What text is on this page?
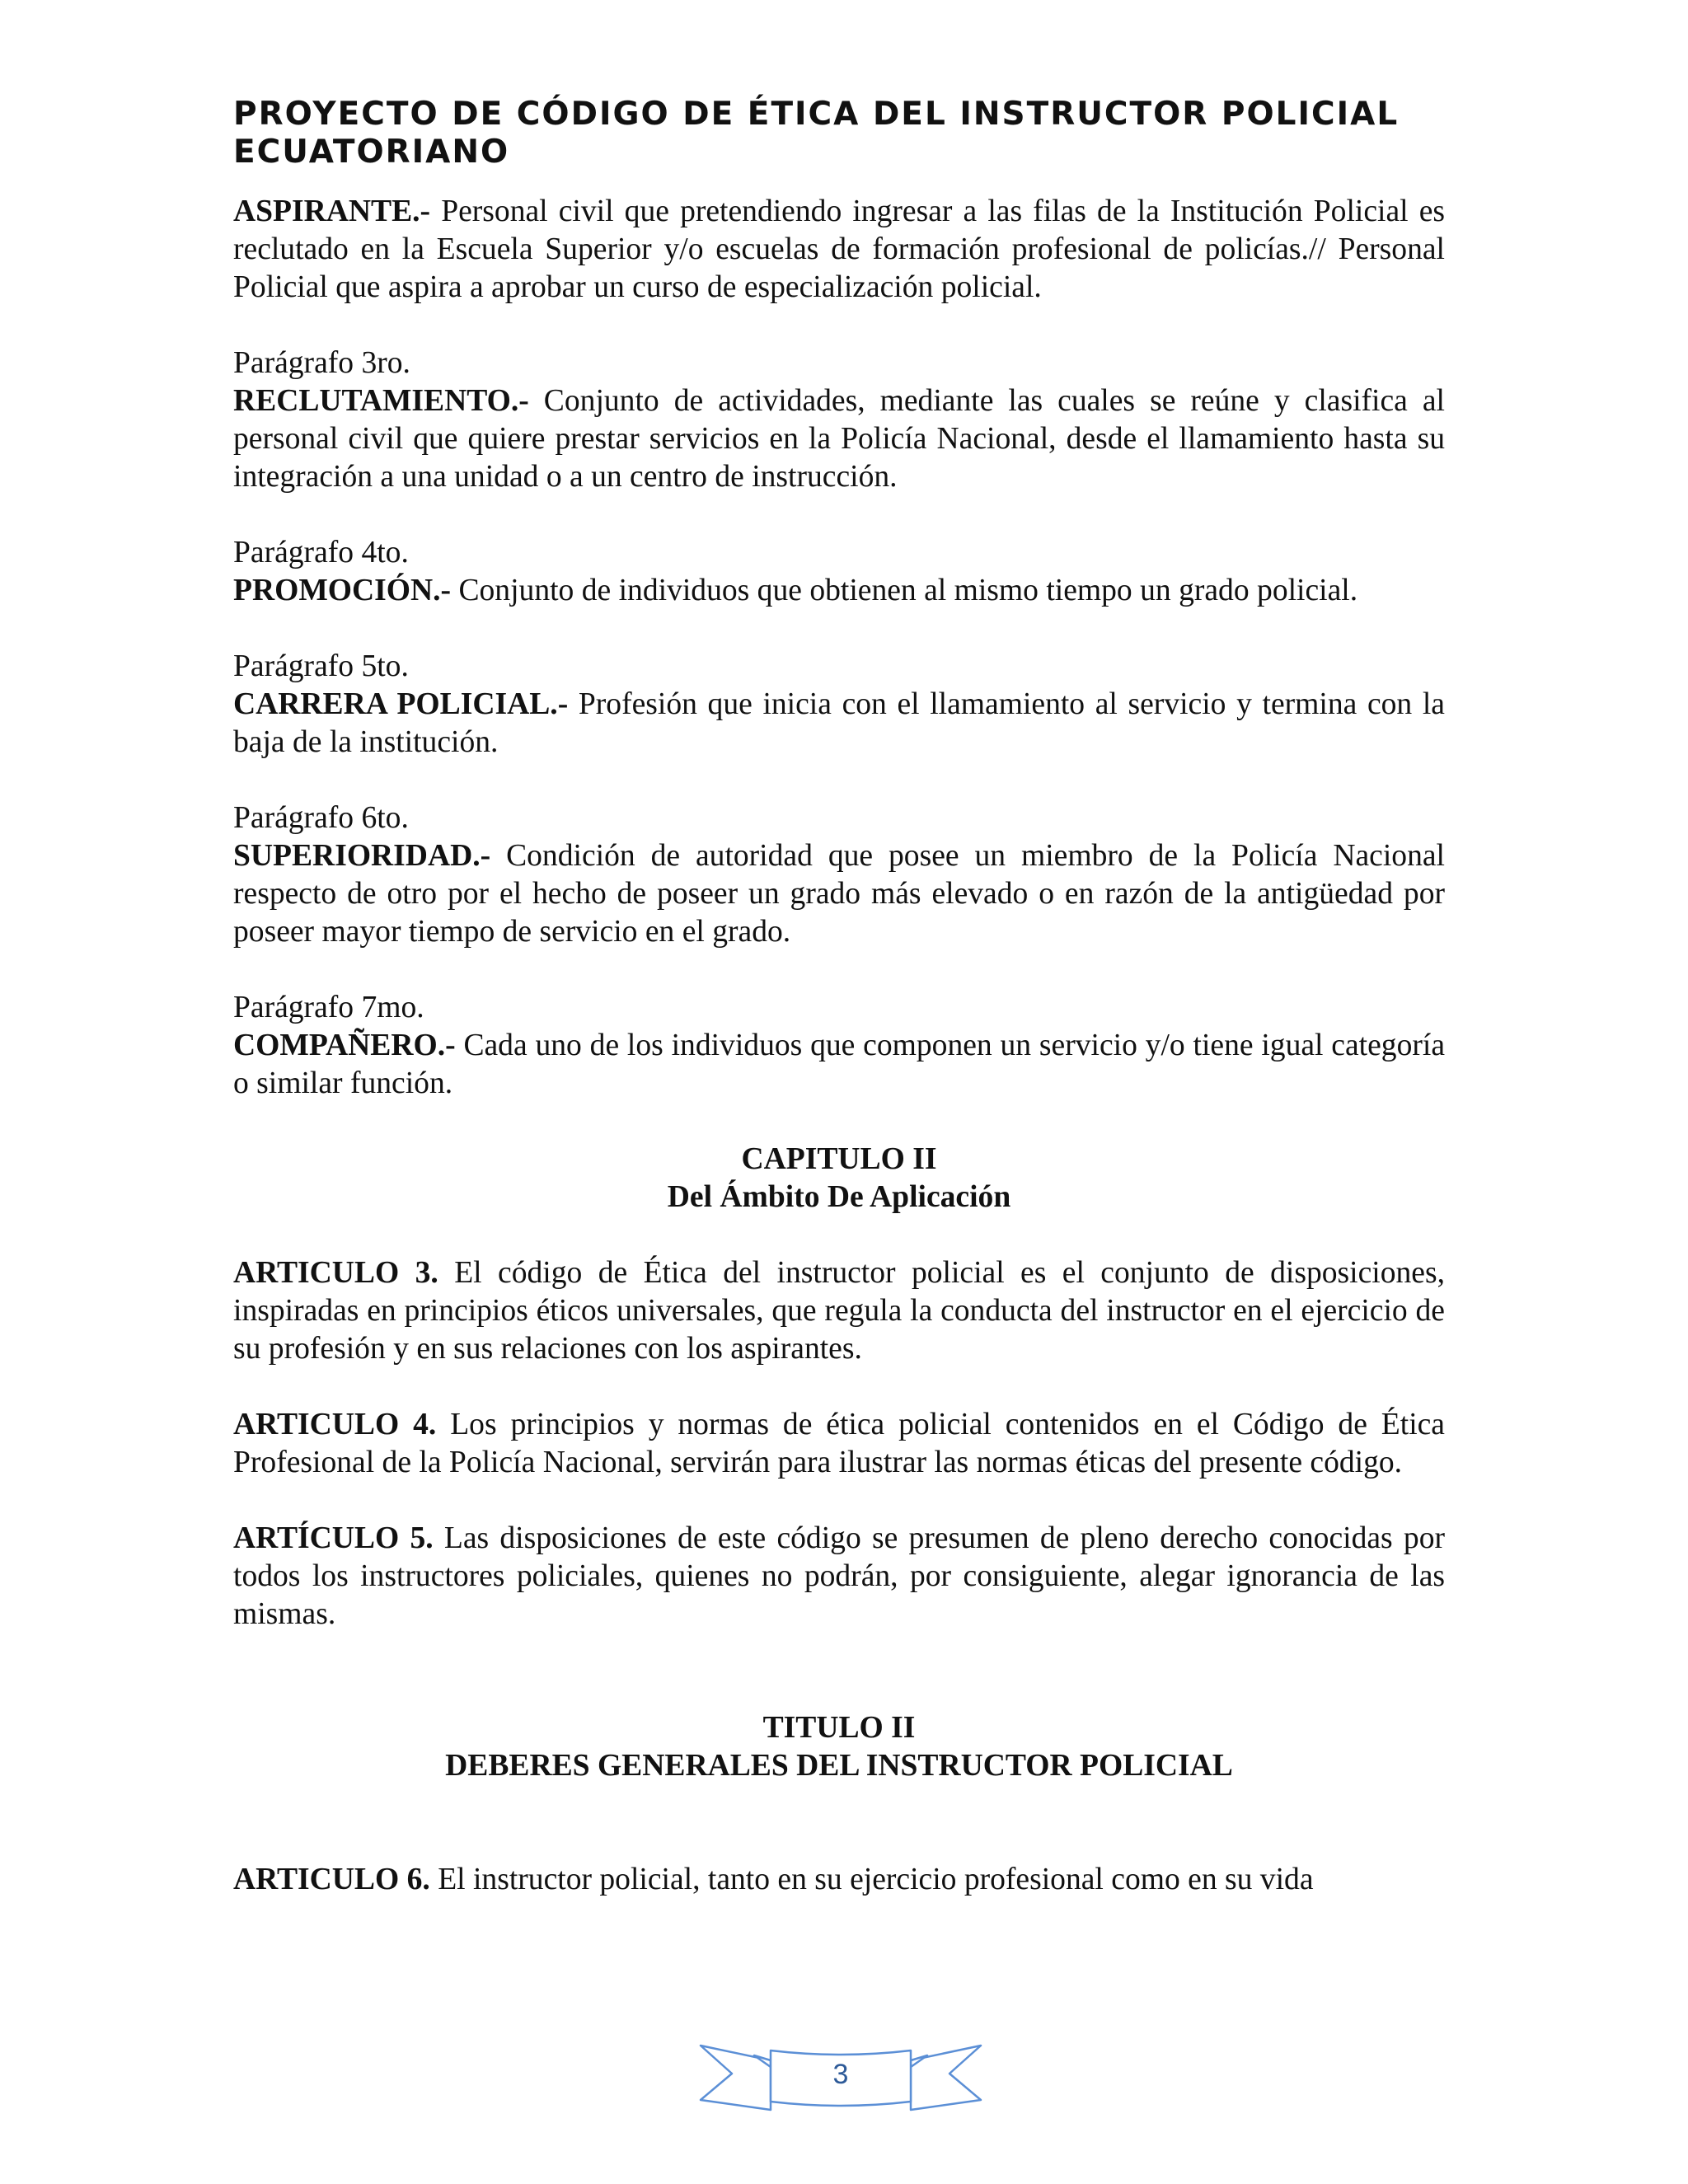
PROYECTO DE CÓDIGO DE ÉTICA DEL INSTRUCTOR POLICIAL
ECUATORIANO

ASPIRANTE.- Personal civil que pretendiendo ingresar a las filas de la Institución Policial es reclutado en la Escuela Superior y/o escuelas de formación profesional de policías.// Personal Policial que aspira a aprobar un curso de especialización policial.

Parágrafo 3ro.

RECLUTAMIENTO.- Conjunto de actividades, mediante las cuales se reúne y clasifica al personal civil que quiere prestar servicios en la Policía Nacional, desde el llamamiento hasta su integración a una unidad o a un centro de instrucción.

Parágrafo 4to.

PROMOCIÓN.- Conjunto de individuos que obtienen al mismo tiempo un grado policial.

Parágrafo 5to.

CARRERA POLICIAL.- Profesión que inicia con el llamamiento al servicio y termina con la baja de la institución.

Parágrafo 6to.

SUPERIORIDAD.- Condición de autoridad que posee un miembro de la Policía Nacional respecto de otro por el hecho de poseer un grado más elevado o en razón de la antigüedad por poseer mayor tiempo de servicio en el grado.

Parágrafo 7mo.

COMPAÑERO.- Cada uno de los individuos que componen un servicio y/o tiene igual categoría o similar función.

CAPITULO II

Del Ámbito De Aplicación

ARTICULO 3. El código de Ética del instructor policial es el conjunto de disposiciones, inspiradas en principios éticos universales, que regula la conducta del instructor en el ejercicio de su profesión y en sus relaciones con los aspirantes.

ARTICULO 4. Los principios y normas de ética policial contenidos en el Código de Ética Profesional de la Policía Nacional, servirán para ilustrar las normas éticas del presente código.

ARTÍCULO 5. Las disposiciones de este código se presumen de pleno derecho conocidas por todos los instructores policiales, quienes no podrán, por consiguiente, alegar ignorancia de las mismas.

TITULO II

DEBERES GENERALES DEL INSTRUCTOR POLICIAL

ARTICULO 6. El instructor policial, tanto en su ejercicio profesional como en su vida

3
